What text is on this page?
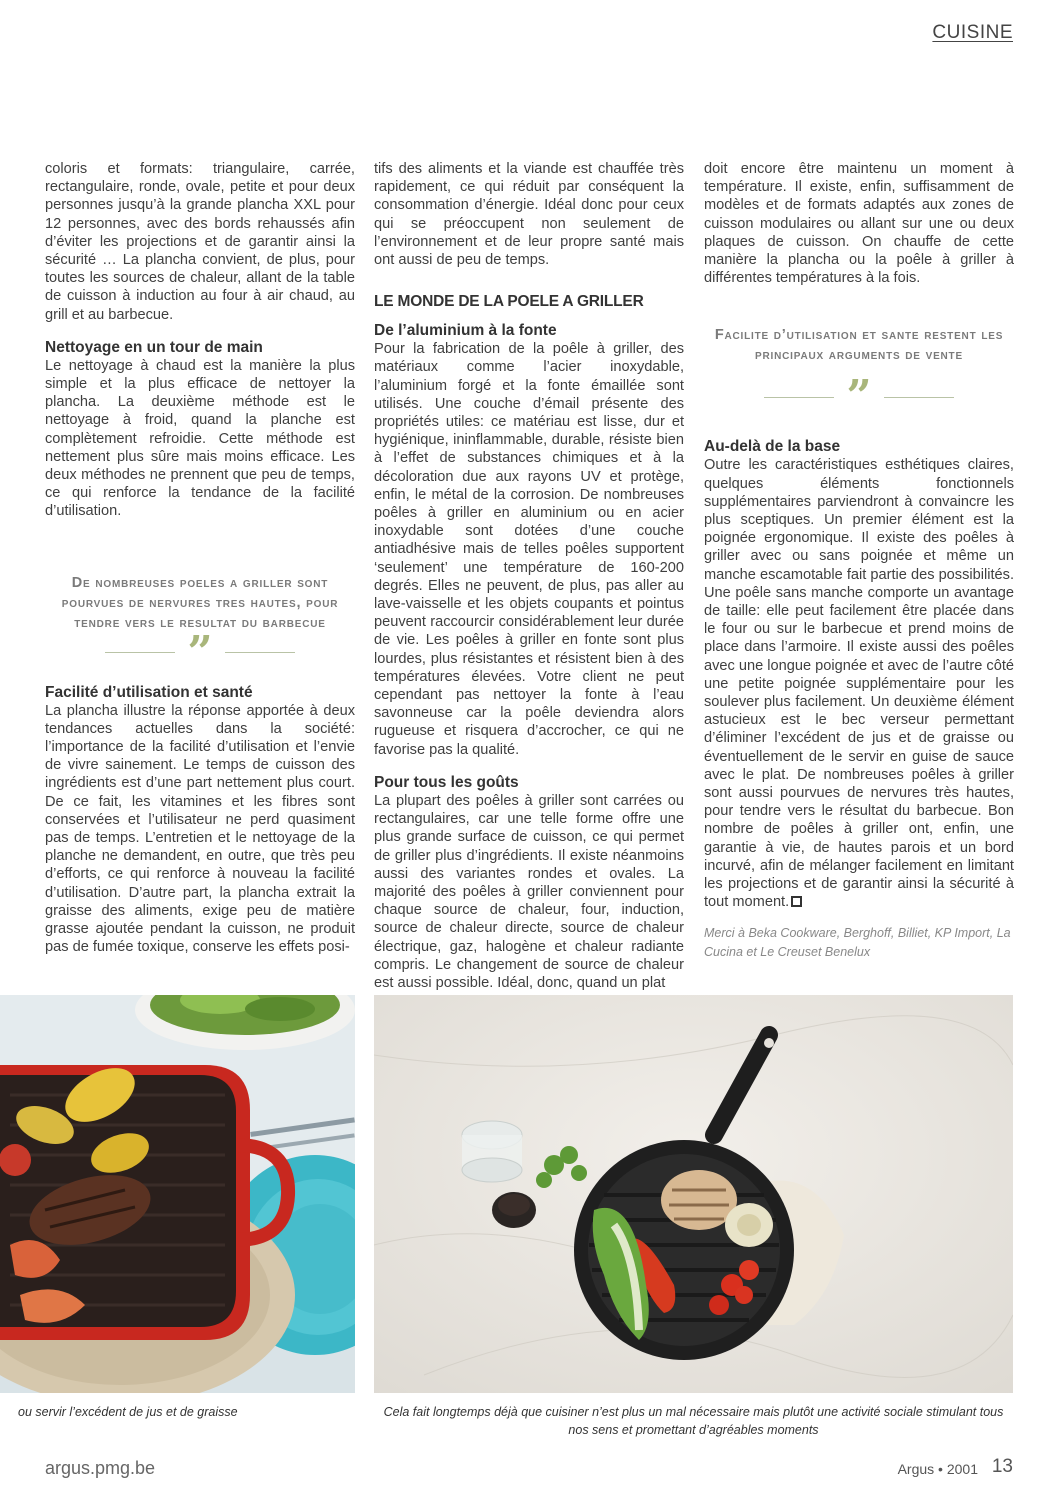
CUISINE

coloris et formats: triangulaire, carrée, rectangulaire, ronde, ovale, petite et pour deux personnes jusqu’à la grande plancha XXL pour 12 personnes, avec des bords rehaussés afin d’éviter les projections et de garantir ainsi la sécurité … La plancha convient, de plus, pour toutes les sources de chaleur, allant de la table de cuisson à induction au four à air chaud, au grill et au barbecue.

Nettoyage en un tour de main

Le nettoyage à chaud est la manière la plus simple et la plus efficace de nettoyer la plancha. La deuxième méthode est le nettoyage à froid, quand la planche est complètement refroidie. Cette méthode est nettement plus sûre mais moins efficace. Les deux méthodes ne prennent que peu de temps, ce qui renforce la tendance de la facilité d’utilisation.

De nombreuses poeles a griller sont pourvues de nervures tres hautes, pour tendre vers le resultat du barbecue
”
Facilité d’utilisation et santé

La plancha illustre la réponse apportée à deux tendances actuelles dans la société: l’importance de la facilité d’utilisation et l’envie de vivre sainement. Le temps de cuisson des ingrédients est d’une part nettement plus court. De ce fait, les vitamines et les fibres sont conservées et l’utilisateur ne perd quasiment pas de temps. L’entretien et le nettoyage de la planche ne demandent, en outre, que très peu d’efforts, ce qui renforce à nouveau la facilité d’utilisation. D’autre part, la plancha extrait la graisse des aliments, exige peu de matière grasse ajoutée pendant la cuisson, ne produit pas de fumée toxique, conserve les effets posi-

tifs des aliments et la viande est chauffée très rapidement, ce qui réduit par conséquent la consommation d’énergie. Idéal donc pour ceux qui se préoccupent non seulement de l’environnement et de leur propre santé mais ont aussi de peu de temps.

LE MONDE DE LA POELE A GRILLER
De l’aluminium à la fonte

Pour la fabrication de la poêle à griller, des matériaux comme l’acier inoxydable, l’aluminium forgé et la fonte émaillée sont utilisés. Une couche d’émail présente des propriétés utiles: ce matériau est lisse, dur et hygiénique, ininflammable, durable, résiste bien à l’effet de substances chimiques et à la décoloration due aux rayons UV et protège, enfin, le métal de la corrosion. De nombreuses poêles à griller en aluminium ou en acier inoxydable sont dotées d’une couche antiadhésive mais de telles poêles supportent ‘seulement’ une température de 160-200 degrés. Elles ne peuvent, de plus, pas aller au lave-vaisselle et les objets coupants et pointus peuvent raccourcir considérablement leur durée de vie. Les poêles à griller en fonte sont plus lourdes, plus résistantes et résistent bien à des températures élevées. Votre client ne peut cependant pas nettoyer la fonte à l’eau savonneuse car la poêle deviendra alors rugueuse et risquera d’accrocher, ce qui ne favorise pas la qualité.

Pour tous les goûts

La plupart des poêles à griller sont carrées ou rectangulaires, car une telle forme offre une plus grande surface de cuisson, ce qui permet de griller plus d’ingrédients. Il existe néanmoins aussi des variantes rondes et ovales. La majorité des poêles à griller conviennent pour chaque source de chaleur, four, induction, source de chaleur directe, source de chaleur électrique, gaz, halogène et chaleur radiante compris. Le changement de source de chaleur est aussi possible. Idéal, donc, quand un plat

doit encore être maintenu un moment à température. Il existe, enfin, suffisamment de modèles et de formats adaptés aux zones de cuisson modulaires ou allant sur une ou deux plaques de cuisson. On chauffe de cette manière la plancha ou la poêle à griller à différentes températures à la fois.

Facilite d’utilisation et sante restent les principaux arguments de vente
”
Au-delà de la base

Outre les caractéristiques esthétiques claires, quelques éléments fonctionnels supplémentaires parviendront à convaincre les plus sceptiques. Un premier élément est la poignée ergonomique. Il existe des poêles à griller avec ou sans poignée et même un manche escamotable fait partie des possibilités. Une poêle sans manche comporte un avantage de taille: elle peut facilement être placée dans le four ou sur le barbecue et prend moins de place dans l’armoire. Il existe aussi des poêles avec une longue poignée et avec de l’autre côté une petite poignée supplémentaire pour les soulever plus facilement. Un deuxième élément astucieux est le bec verseur permettant d’éliminer l’excédent de jus et de graisse ou éventuellement de le servir en guise de sauce avec le plat. De nombreuses poêles à griller sont aussi pourvues de nervures très hautes, pour tendre vers le résultat du barbecue. Bon nombre de poêles à griller ont, enfin, une garantie à vie, de hautes parois et un bord incurvé, afin de mélanger facilement en limitant les projections et de garantir ainsi la sécurité à tout moment.

Merci à Beka Cookware, Berghoff, Billiet, KP Import, La Cucina et Le Creuset Benelux

ou servir l’excédent de jus et de graisse	Cela fait longtemps déjà que cuisiner n’est plus un mal nécessaire mais plutôt une activité sociale stimulant tous nos sens et promettant d’agréables moments
argus.pmg.be	Argus • 2001 13
